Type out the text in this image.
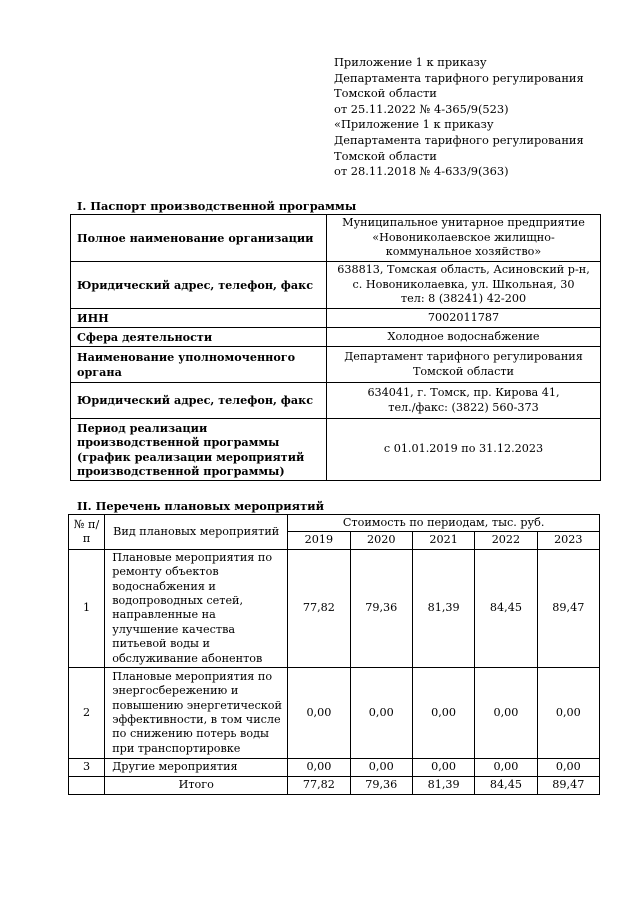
Приложение 1 к приказу
Департамента тарифного регулирования
Томской области
от 25.11.2022 № 4-365/9(523)
«Приложение 1 к приказу
Департамента тарифного регулирования
Томской области
от 28.11.2018 № 4-633/9(363)
I. Паспорт производственной программы
Полное наименование организации	Муниципальное унитарное предприятие «Новониколаевское жилищно-коммунальное хозяйство»
Юридический адрес, телефон, факс	638813, Томская область, Асиновский р-н, с. Новониколаевка, ул. Школьная, 30
тел: 8 (38241) 42-200

ИНН	7002011787
Сфера деятельности	Холодное водоснабжение
Наименование уполномоченного органа	Департамент тарифного регулирования Томской области
Юридический адрес, телефон, факс	634041, г. Томск, пр. Кирова 41,
тел./факс: (3822) 560-373

Период реализации производственной программы (график реализации мероприятий производственной программы)	с 01.01.2019 по 31.12.2023
II. Перечень плановых мероприятий
№ п/п	Вид плановых мероприятий	Стоимость по периодам, тыс. руб.				
		2019	2020	2021	2022	2023
1	Плановые мероприятия по ремонту объектов водоснабжения и водопроводных сетей, направленные на улучшение качества питьевой воды и обслуживание абонентов	77,82	79,36	81,39	84,45	89,47
2	Плановые мероприятия по энергосбережению и повышению энергетической эффективности, в том числе по снижению потерь воды при транспортировке	0,00	0,00	0,00	0,00	0,00
3	Другие мероприятия	0,00	0,00	0,00	0,00	0,00
	Итого	77,82	79,36	81,39	84,45	89,47
